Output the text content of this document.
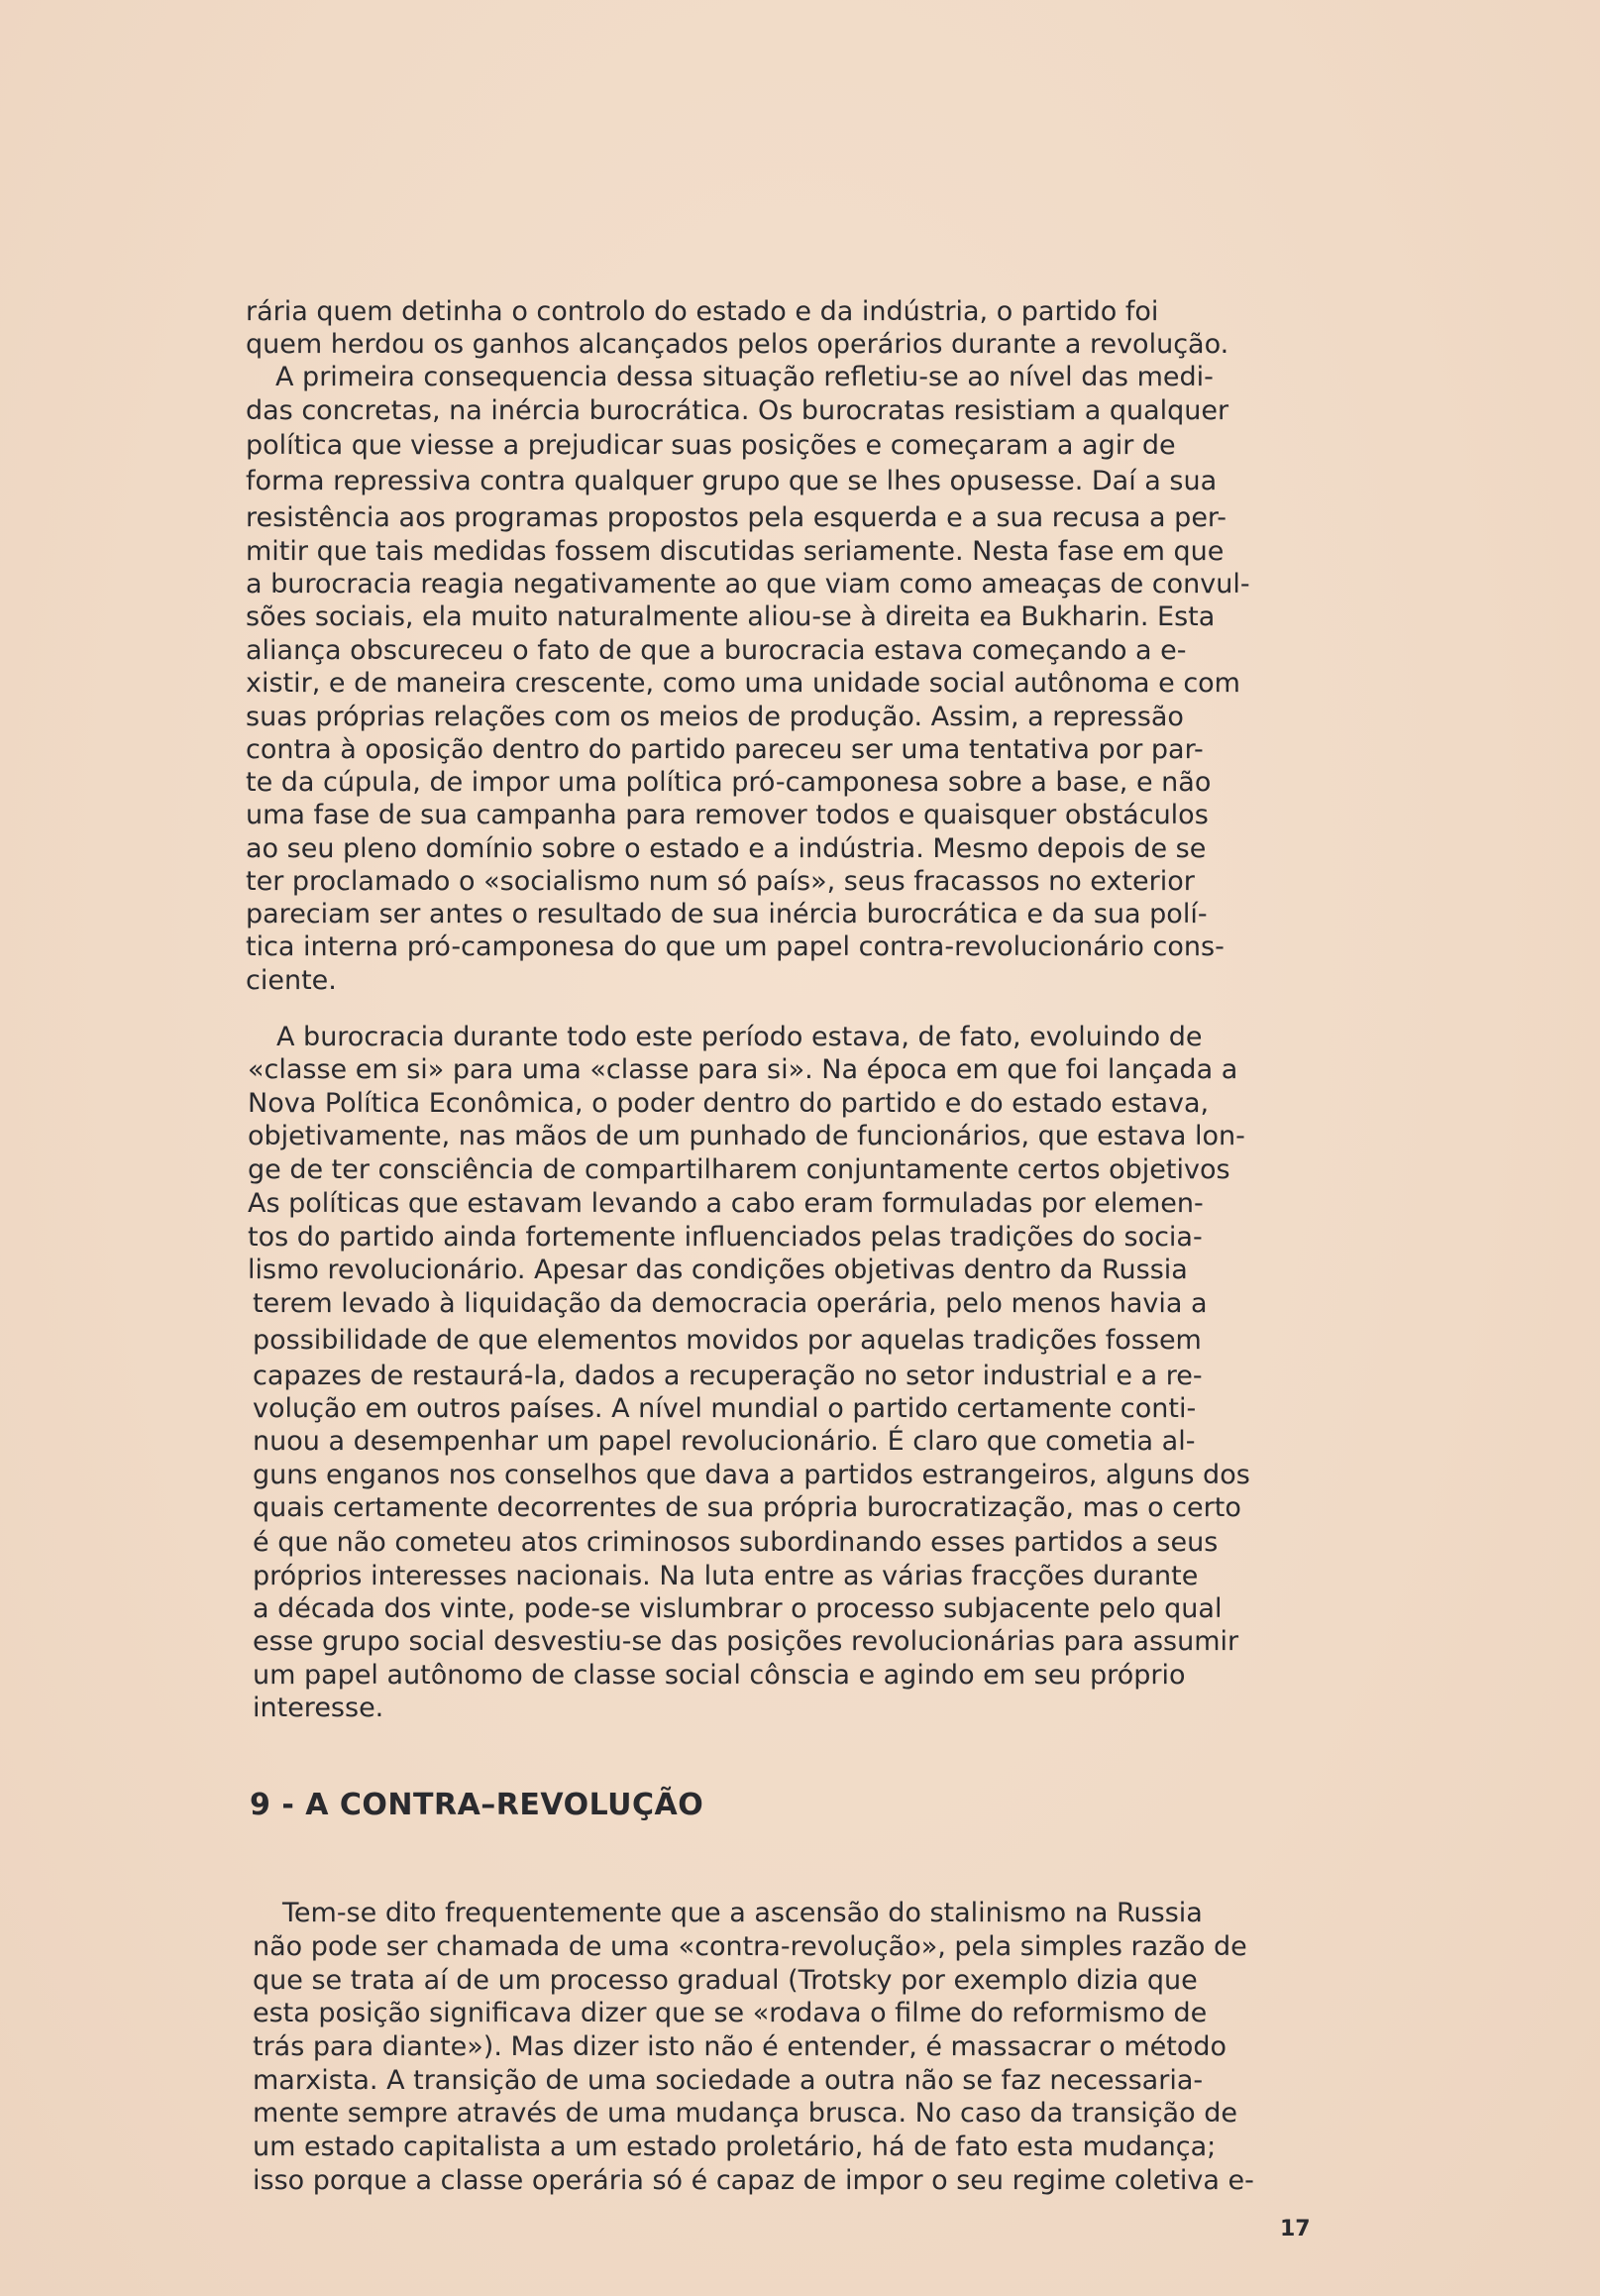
rária quem detinha o controlo do estado e da indústria, o partido foi
quem herdou os ganhos alcançados pelos operários durante a revolução.
A primeira consequencia dessa situação refletiu-se ao nível das medi-
das concretas, na inércia burocrática. Os burocratas resistiam a qualquer
política que viesse a prejudicar suas posições e começaram a agir de
forma repressiva contra qualquer grupo que se lhes opusesse. Daí a sua
resistência aos programas propostos pela esquerda e a sua recusa a per-
mitir que tais medidas fossem discutidas seriamente. Nesta fase em que
a burocracia reagia negativamente ao que viam como ameaças de convul-
sões sociais, ela muito naturalmente aliou-se à direita ea Bukharin. Esta
aliança obscureceu o fato de que a burocracia estava começando a e-
xistir, e de maneira crescente, como uma unidade social autônoma e com
suas próprias relações com os meios de produção. Assim, a repressão
contra à oposição dentro do partido pareceu ser uma tentativa por par-
te da cúpula, de impor uma política pró-camponesa sobre a base, e não
uma fase de sua campanha para remover todos e quaisquer obstáculos
ao seu pleno domínio sobre o estado e a indústria. Mesmo depois de se
ter proclamado o «socialismo num só país», seus fracassos no exterior
pareciam ser antes o resultado de sua inércia burocrática e da sua polí-
tica interna pró-camponesa do que um papel contra-revolucionário cons-
ciente.
A burocracia durante todo este período estava, de fato, evoluindo de
«classe em si» para uma «classe para si». Na época em que foi lançada a
Nova Política Econômica, o poder dentro do partido e do estado estava,
objetivamente, nas mãos de um punhado de funcionários, que estava lon-
ge de ter consciência de compartilharem conjuntamente certos objetivos
As políticas que estavam levando a cabo eram formuladas por elemen-
tos do partido ainda fortemente influenciados pelas tradições do socia-
lismo revolucionário. Apesar das condições objetivas dentro da Russia
terem levado à liquidação da democracia operária, pelo menos havia a
possibilidade de que elementos movidos por aquelas tradições fossem
capazes de restaurá-la, dados a recuperação no setor industrial e a re-
volução em outros países. A nível mundial o partido certamente conti-
nuou a desempenhar um papel revolucionário. É claro que cometia al-
guns enganos nos conselhos que dava a partidos estrangeiros, alguns dos
quais certamente decorrentes de sua própria burocratização, mas o certo
é que não cometeu atos criminosos subordinando esses partidos a seus
próprios interesses nacionais. Na luta entre as várias fracções durante
a década dos vinte, pode-se vislumbrar o processo subjacente pelo qual
esse grupo social desvestiu-se das posições revolucionárias para assumir
um papel autônomo de classe social cônscia e agindo em seu próprio
interesse.
9 - A CONTRA–REVOLUÇÃO
Tem-se dito frequentemente que a ascensão do stalinismo na Russia
não pode ser chamada de uma «contra-revolução», pela simples razão de
que se trata aí de um processo gradual (Trotsky por exemplo dizia que
esta posição significava dizer que se «rodava o filme do reformismo de
trás para diante»). Mas dizer isto não é entender, é massacrar o método
marxista. A transição de uma sociedade a outra não se faz necessaria-
mente sempre através de uma mudança brusca. No caso da transição de
um estado capitalista a um estado proletário, há de fato esta mudança;
isso porque a classe operária só é capaz de impor o seu regime coletiva e-
17
